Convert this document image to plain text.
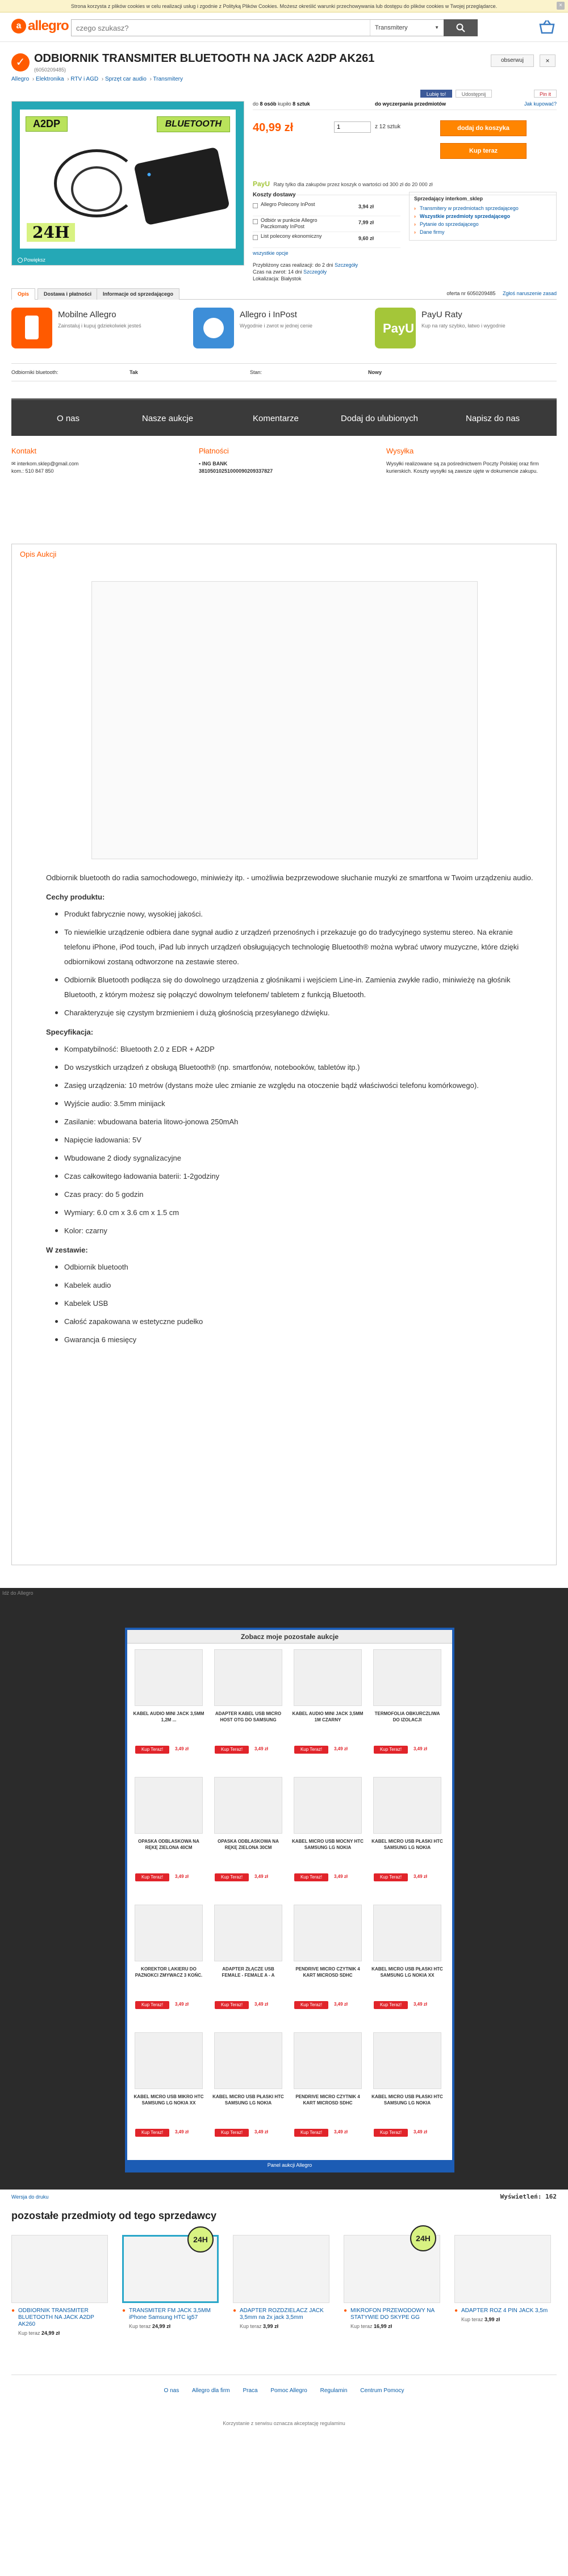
Strona korzysta z plików cookies w celu realizacji usług i zgodnie z Polityką Plików Cookies. Możesz określić warunki przechowywania lub dostępu do plików cookies w Twojej przeglądarce.	×
a allegro
czego szukasz?	Transmitery	▼
✓ ODBIORNIK TRANSMITER BLUETOOTH NA JACK A2DP AK261
(6050209485)
obserwuj	×
Allegro › Elektronika › RTV i AGD › Sprzęt car audio › Transmitery
Lubię to!	Udostępnij	Pin it
A2DP	BLUETOOTH
24H
Powiększ
do 8 osób kupiło 8 sztuk	do wyczerpania przedmiotów	Jak kupować?
40,99 zł
1	z 12 sztuk	dodaj do koszyka
Kup teraz
PayU Raty tylko dla zakupów przez koszyk o wartości od 300 zł do 20 000 zł
Koszty dostawy
Allegro Polecony InPost	3,94 zł
Odbiór w punkcie Allegro Paczkomaty InPost
7,99 zł
List polecony ekonomiczny	9,60 zł
wszystkie opcje
Przybliżony czas realizacji: do 2 dni Szczegóły
Czas na zwrot: 14 dni Szczegóły
Lokalizacja: Białystok
Sprzedający interkom_sklep
› Transmitery w przedmiotach sprzedającego
› Wszystkie przedmioty sprzedającego
› Pytanie do sprzedającego
› Dane firmy
Opis	Dostawa i płatności	Informacje od sprzedającego	oferta nr 6050209485 Zgłoś naruszenie zasad
Mobilne Allegro
Zainstaluj i kupuj gdziekolwiek jesteś
Allegro i InPost
Wygodnie i zwrot w jednej cenie	PayU
PayU Raty
Kup na raty szybko, łatwo i wygodnie
Odbiorniki bluetooth:	Tak	Stan:	Nowy
O nas	Nasze aukcje	Komentarze	Dodaj do ulubionych	Napisz do nas
Kontakt
✉ interkom.sklep@gmail.com
kom.: 510 847 850
Płatności
▪ ING BANK
38105010251000090209337827
Wysyłka
Wysyłki realizowane są za pośrednictwem Poczty Polskiej oraz firm kurierskich. Koszty wysyłki są zawsze ujęte w dokumencie zakupu.
Opis Aukcji

Odbiornik bluetooth do radia samochodowego, miniwieży itp. - umożliwia bezprzewodowe słuchanie muzyki ze smartfona w Twoim urządzeniu audio.

Cechy produktu:
Produkt fabrycznie nowy, wysokiej jakości.
To niewielkie urządzenie odbiera dane sygnał audio z urządzeń przenośnych i przekazuje go do tradycyjnego systemu stereo. Na ekranie telefonu iPhone, iPod touch, iPad lub innych urządzeń obsługujących technologię Bluetooth® można wybrać utwory muzyczne, które dzięki odbiornikowi zostaną odtworzone na zestawie stereo.
Odbiornik Bluetooth podłącza się do dowolnego urządzenia z głośnikami i wejściem Line-in. Zamienia zwykłe radio, miniwieżę na głośnik Bluetooth, z którym możesz się połączyć dowolnym telefonem/ tabletem z funkcją Bluetooth.
Charakteryzuje się czystym brzmieniem i dużą głośnością przesyłanego dźwięku.
Specyfikacja:
Kompatybilność: Bluetooth 2.0 z EDR + A2DP
Do wszystkich urządzeń z obsługą Bluetooth® (np. smartfonów, notebooków, tabletów itp.)
Zasięg urządzenia: 10 metrów (dystans może ulec zmianie ze względu na otoczenie bądź właściwości telefonu komórkowego).
Wyjście audio: 3.5mm minijack
Zasilanie: wbudowana bateria litowo-jonowa 250mAh
Napięcie ładowania: 5V
Wbudowane 2 diody sygnalizacyjne
Czas całkowitego ładowania baterii: 1-2godziny
Czas pracy: do 5 godzin
Wymiary: 6.0 cm x 3.6 cm x 1.5 cm
Kolor: czarny
W zestawie:
Odbiornik bluetooth
Kabelek audio
Kabelek USB
Całość zapakowana w estetyczne pudełko
Gwarancja 6 miesięcy
Idź do Allegro
Zobacz moje pozostałe aukcje
KABEL AUDIO MINI JACK 3,5MM 1,2M ...
Kup Teraz!	3,49 zł
ADAPTER KABEL USB MICRO HOST OTG DO SAMSUNG
Kup Teraz!	3,49 zł
KABEL AUDIO MINI JACK 3,5MM 1M CZARNY
Kup Teraz!	3,49 zł
TERMOFOLIA OBKURCZLIWA DO IZOLACJI
Kup Teraz!	3,49 zł
OPASKA ODBLASKOWA NA RĘKĘ ZIELONA 40CM
Kup Teraz!	3,49 zł
OPASKA ODBLASKOWA NA RĘKĘ ZIELONA 30CM
Kup Teraz!	3,49 zł
KABEL MICRO USB MOCNY HTC SAMSUNG LG NOKIA
Kup Teraz!	3,49 zł
KABEL MICRO USB PŁASKI HTC SAMSUNG LG NOKIA
Kup Teraz!	3,49 zł
KOREKTOR LAKIERU DO PAZNOKCI ZMYWACZ 3 KOŃC.
Kup Teraz!	3,49 zł
ADAPTER ZŁĄCZE USB FEMALE - FEMALE A - A
Kup Teraz!	3,49 zł
PENDRIVE MICRO CZYTNIK 4 KART MICROSD SDHC
Kup Teraz!	3,49 zł
KABEL MICRO USB PŁASKI HTC SAMSUNG LG NOKIA XX
Kup Teraz!	3,49 zł
KABEL MICRO USB MIKRO HTC SAMSUNG LG NOKIA XX
Kup Teraz!	3,49 zł
KABEL MICRO USB PŁASKI HTC SAMSUNG LG NOKIA
Kup Teraz!	3,49 zł
PENDRIVE MICRO CZYTNIK 4 KART MICROSD SDHC
Kup Teraz!	3,49 zł
KABEL MICRO USB PŁASKI HTC SAMSUNG LG NOKIA
Kup Teraz!	3,49 zł
Panel aukcji Allegro
Wersja do druku	Wyświetleń: 162
pozostałe przedmioty od tego sprzedawcy
● ODBIORNIK TRANSMITER BLUETOOTH NA JACK A2DP AK260
Kup teraz 24,99 zł
24H
● TRANSMITER FM JACK 3,5MM iPhone Samsung HTC ig57
Kup teraz 24,99 zł
● ADAPTER ROZDZIELACZ JACK 3,5mm na 2x jack 3,5mm
Kup teraz 3,99 zł
24H
● MIKROFON PRZEWODOWY NA STATYWIE DO SKYPE GG
Kup teraz 16,99 zł
● ADAPTER ROZ 4 PIN JACK 3,5m
Kup teraz 3,99 zł
O nas Allegro dla firm Praca Pomoc Allegro Regulamin Centrum Pomocy
Korzystanie z serwisu oznacza akceptację regulaminu
